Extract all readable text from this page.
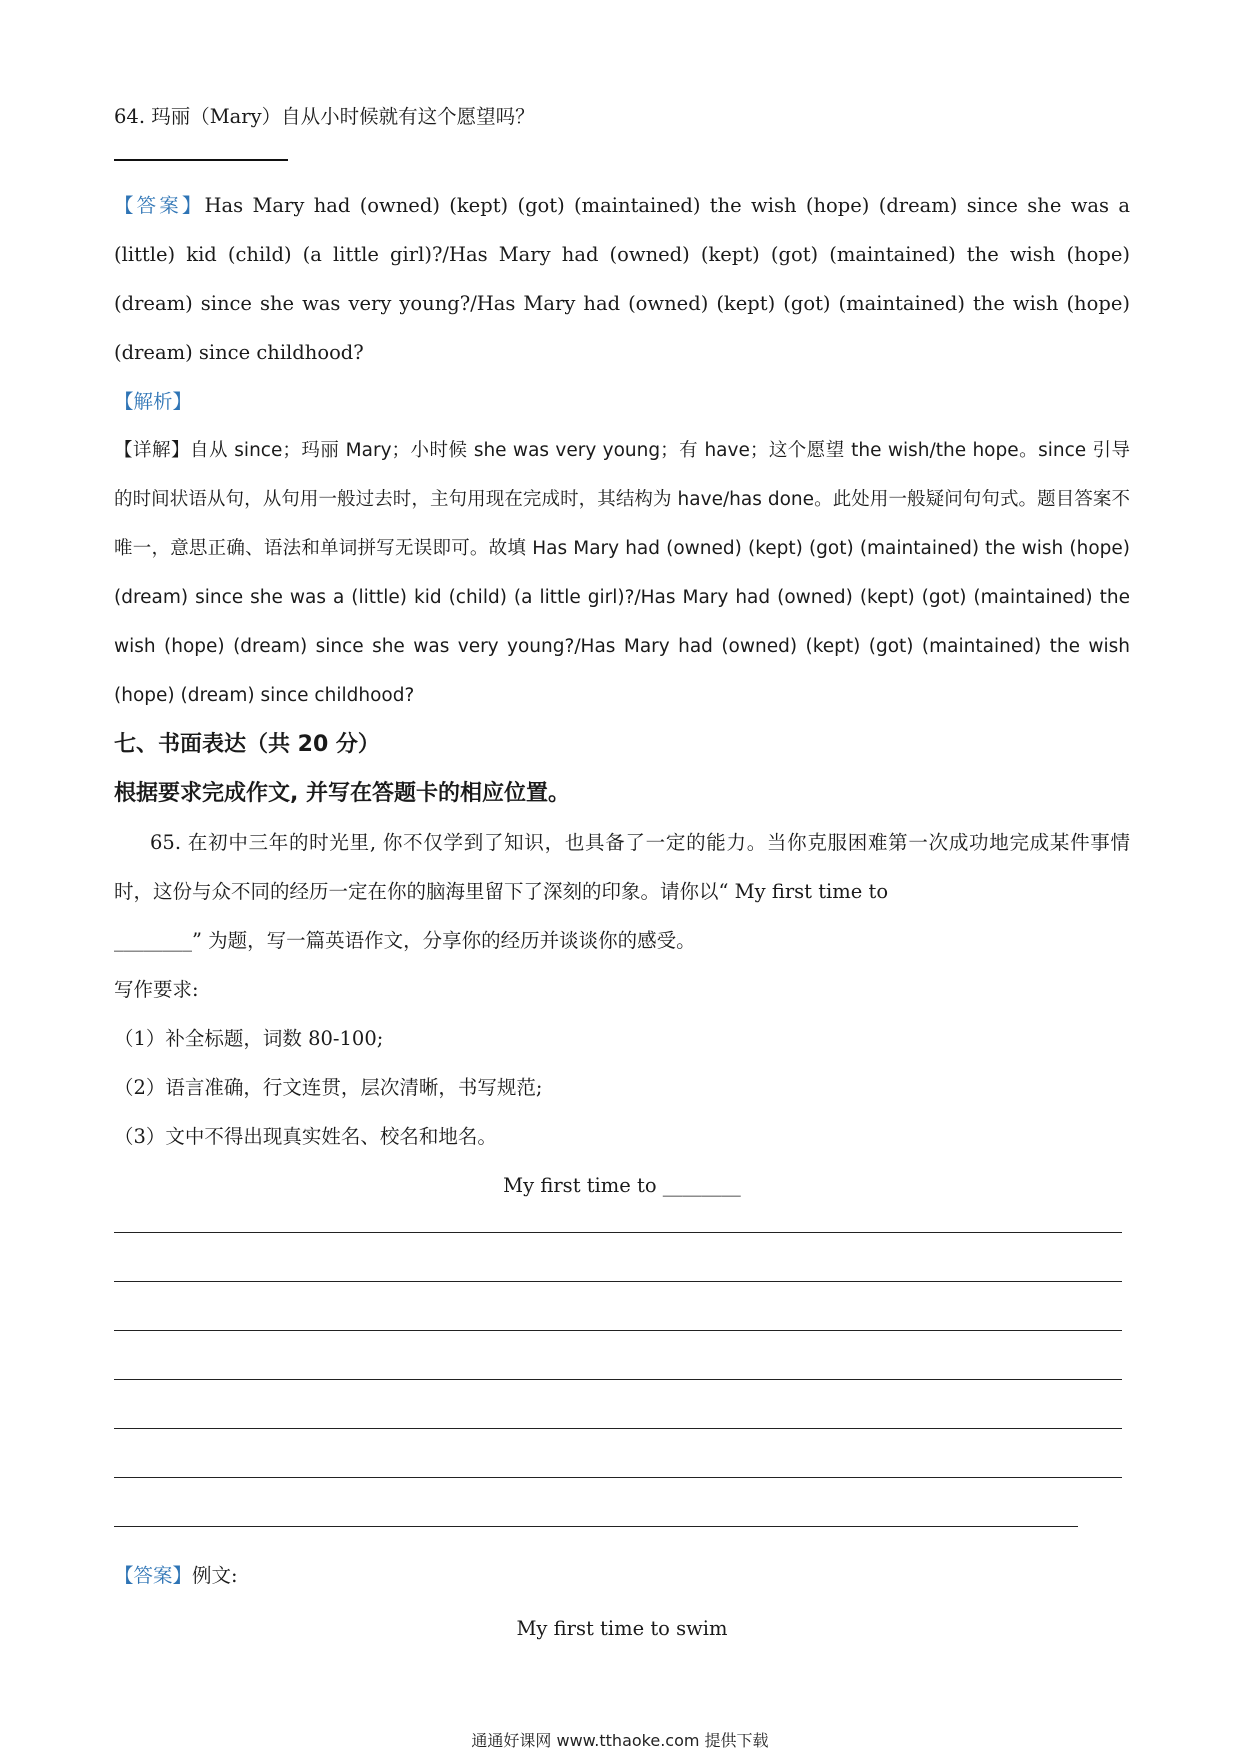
64. 玛丽（Mary）自从小时候就有这个愿望吗？

【答案】Has Mary had (owned) (kept) (got) (maintained) the wish (hope) (dream) since she was a (little) kid (child) (a little girl)?/Has Mary had (owned) (kept) (got) (maintained) the wish (hope) (dream) since she was very young?/Has Mary had (owned) (kept) (got) (maintained) the wish (hope) (dream) since childhood?

【解析】

【详解】自从 since；玛丽 Mary；小时候 she was very young；有 have；这个愿望 the wish/the hope。since 引导的时间状语从句，从句用一般过去时，主句用现在完成时，其结构为 have/has done。此处用一般疑问句句式。题目答案不唯一，意思正确、语法和单词拼写无误即可。故填 Has Mary had (owned) (kept) (got) (maintained) the wish (hope) (dream) since she was a (little) kid (child) (a little girl)?/Has Mary had (owned) (kept) (got) (maintained) the wish (hope) (dream) since she was very young?/Has Mary had (owned) (kept) (got) (maintained) the wish (hope) (dream) since childhood?

七、书面表达（共 20 分）

根据要求完成作文, 并写在答题卡的相应位置。

65. 在初中三年的时光里, 你不仅学到了知识，也具备了一定的能力。当你克服困难第一次成功地完成某件事情时，这份与众不同的经历一定在你的脑海里留下了深刻的印象。请你以“ My first time to
________” 为题，写一篇英语作文，分享你的经历并谈谈你的感受。

写作要求:

（1）补全标题，词数 80-100;

（2）语言准确，行文连贯，层次清晰，书写规范;

（3）文中不得出现真实姓名、校名和地名。

My first time to ________

【答案】例文:

My first time to swim

通通好课网 www.tthaoke.com 提供下载
